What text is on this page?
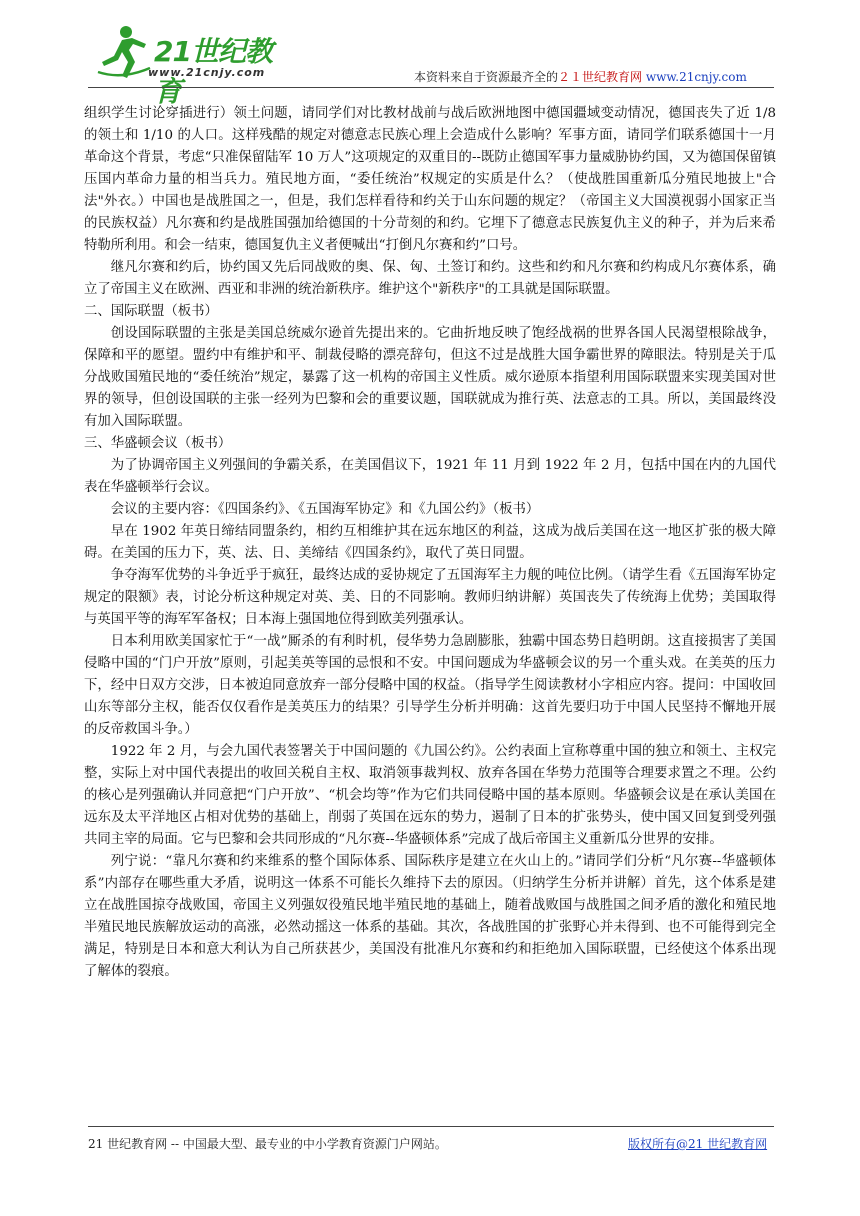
21世纪教育
www.21cnjy.com	本资料来自于资源最齐全的２１世纪教育网 www.21cnjy.com

组织学生讨论穿插进行）领土问题，请同学们对比教材战前与战后欧洲地图中德国疆域变动情况，德国丧失了近 1/8 的领土和 1/10 的人口。这样残酷的规定对德意志民族心理上会造成什么影响？军事方面，请同学们联系德国十一月革命这个背景，考虑“只准保留陆军 10 万人”这项规定的双重目的--既防止德国军事力量威胁协约国，又为德国保留镇压国内革命力量的相当兵力。殖民地方面，“委任统治”权规定的实质是什么？（使战胜国重新瓜分殖民地披上"合法"外衣。）中国也是战胜国之一，但是，我们怎样看待和约关于山东问题的规定？（帝国主义大国漠视弱小国家正当的民族权益）凡尔赛和约是战胜国强加给德国的十分苛刻的和约。它埋下了德意志民族复仇主义的种子，并为后来希特勒所利用。和会一结束，德国复仇主义者便喊出“打倒凡尔赛和约”口号。

继凡尔赛和约后，协约国又先后同战败的奥、保、匈、土签订和约。这些和约和凡尔赛和约构成凡尔赛体系，确立了帝国主义在欧洲、西亚和非洲的统治新秩序。维护这个"新秩序"的工具就是国际联盟。

二、国际联盟（板书）

创设国际联盟的主张是美国总统威尔逊首先提出来的。它曲折地反映了饱经战祸的世界各国人民渴望根除战争，保障和平的愿望。盟约中有维护和平、制裁侵略的漂亮辞句，但这不过是战胜大国争霸世界的障眼法。特别是关于瓜分战败国殖民地的“委任统治”规定，暴露了这一机构的帝国主义性质。威尔逊原本指望利用国际联盟来实现美国对世界的领导，但创设国联的主张一经列为巴黎和会的重要议题，国联就成为推行英、法意志的工具。所以，美国最终没有加入国际联盟。

三、华盛顿会议（板书）

为了协调帝国主义列强间的争霸关系，在美国倡议下，1921 年 11 月到 1922 年 2 月，包括中国在内的九国代表在华盛顿举行会议。

会议的主要内容：《四国条约》、《五国海军协定》和《九国公约》（板书）

早在 1902 年英日缔结同盟条约，相约互相维护其在远东地区的利益，这成为战后美国在这一地区扩张的极大障碍。在美国的压力下，英、法、日、美缔结《四国条约》，取代了英日同盟。

争夺海军优势的斗争近乎于疯狂，最终达成的妥协规定了五国海军主力舰的吨位比例。（请学生看《五国海军协定规定的限额》表，讨论分析这种规定对英、美、日的不同影响。教师归纳讲解）英国丧失了传统海上优势；美国取得与英国平等的海军军备权；日本海上强国地位得到欧美列强承认。

日本利用欧美国家忙于“一战”厮杀的有利时机，侵华势力急剧膨胀，独霸中国态势日趋明朗。这直接损害了美国侵略中国的“门户开放”原则，引起美英等国的忌恨和不安。中国问题成为华盛顿会议的另一个重头戏。在美英的压力下，经中日双方交涉，日本被迫同意放弃一部分侵略中国的权益。（指导学生阅读教材小字相应内容。提问：中国收回山东等部分主权，能否仅仅看作是美英压力的结果？引导学生分析并明确：这首先要归功于中国人民坚持不懈地开展的反帝救国斗争。）

1922 年 2 月，与会九国代表签署关于中国问题的《九国公约》。公约表面上宣称尊重中国的独立和领土、主权完整，实际上对中国代表提出的收回关税自主权、取消领事裁判权、放弃各国在华势力范围等合理要求置之不理。公约的核心是列强确认并同意把“门户开放”、“机会均等”作为它们共同侵略中国的基本原则。华盛顿会议是在承认美国在远东及太平洋地区占相对优势的基础上，削弱了英国在远东的势力，遏制了日本的扩张势头，使中国又回复到受列强共同主宰的局面。它与巴黎和会共同形成的“凡尔赛--华盛顿体系”完成了战后帝国主义重新瓜分世界的安排。

列宁说：“靠凡尔赛和约来维系的整个国际体系、国际秩序是建立在火山上的。”请同学们分析“凡尔赛--华盛顿体系”内部存在哪些重大矛盾，说明这一体系不可能长久维持下去的原因。（归纳学生分析并讲解）首先，这个体系是建立在战胜国掠夺战败国，帝国主义列强奴役殖民地半殖民地的基础上，随着战败国与战胜国之间矛盾的激化和殖民地半殖民地民族解放运动的高涨，必然动摇这一体系的基础。其次，各战胜国的扩张野心并未得到、也不可能得到完全满足，特别是日本和意大利认为自己所获甚少，美国没有批准凡尔赛和约和拒绝加入国际联盟，已经使这个体系出现了解体的裂痕。

21 世纪教育网 -- 中国最大型、最专业的中小学教育资源门户网站。	版权所有@21 世纪教育网
